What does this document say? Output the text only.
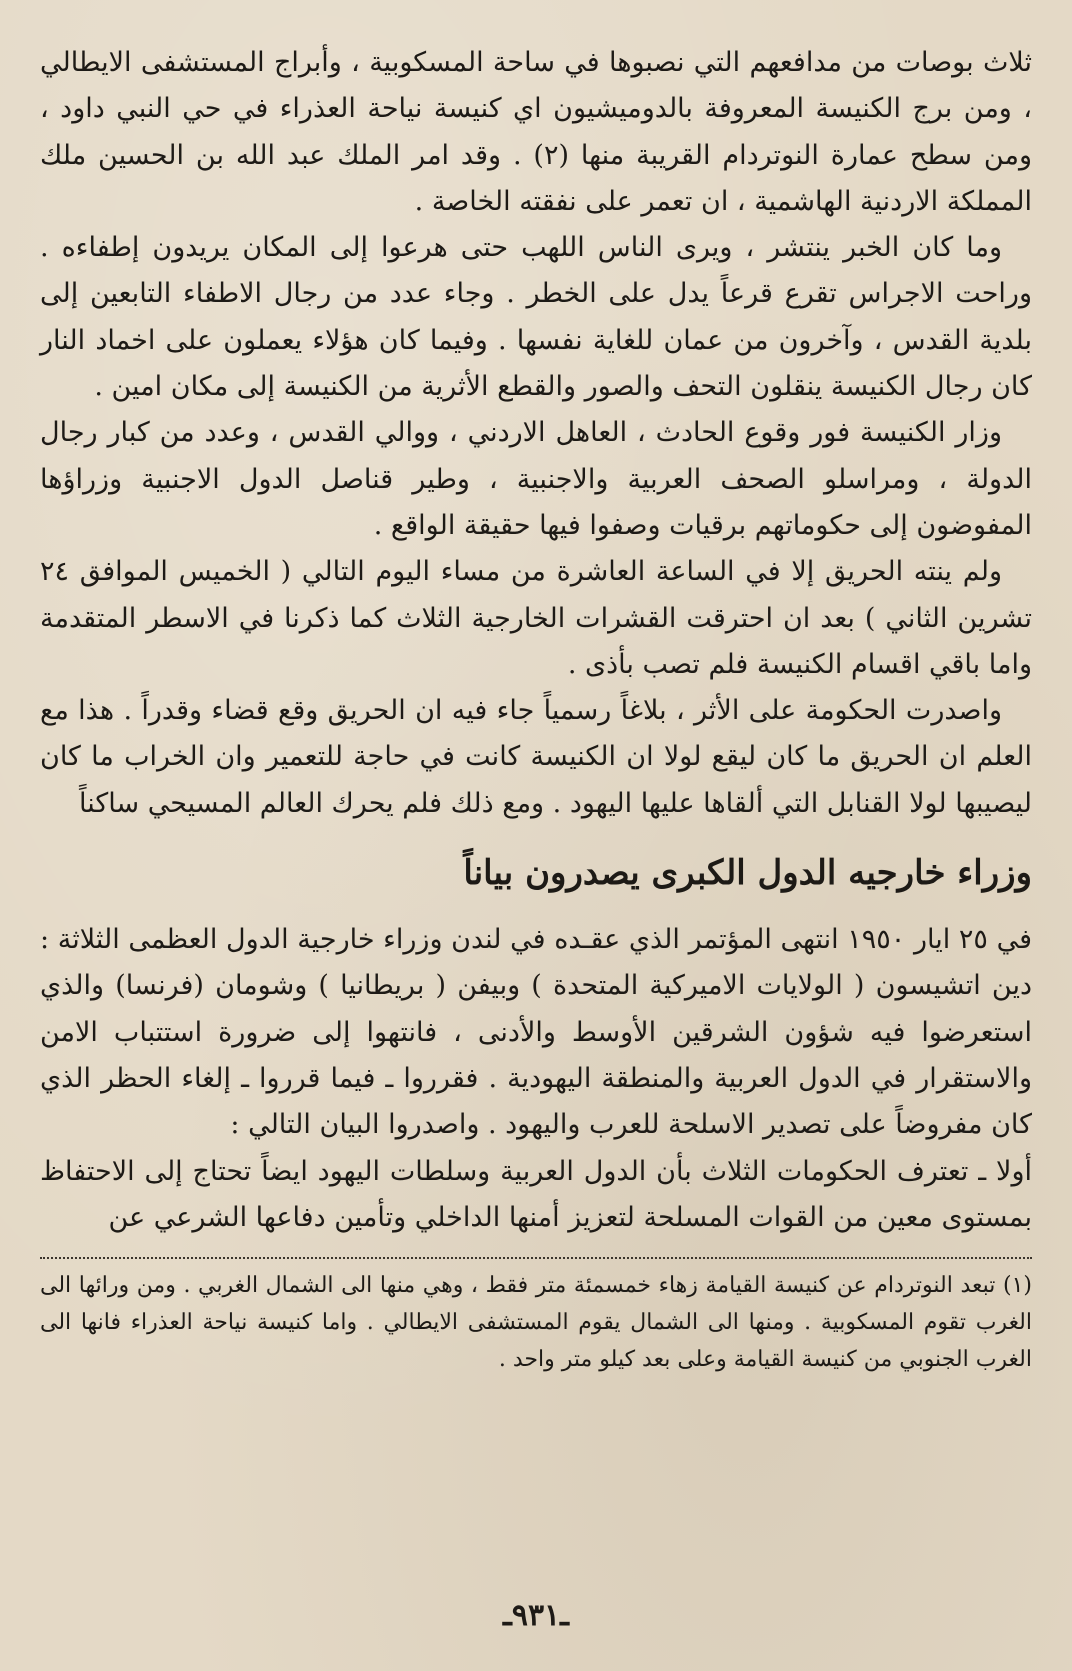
ثلاث بوصات من مدافعهم التي نصبوها في ساحة المسكوبية ، وأبراج المستشفى الايطالي ، ومن برج الكنيسة المعروفة بالدوميشيون اي كنيسة نياحة العذراء في حي النبي داود ، ومن سطح عمارة النوتردام القريبة منها (٢) . وقد امر الملك عبد الله بن الحسين ملك المملكة الاردنية الهاشمية ، ان تعمر على نفقته الخاصة .

وما كان الخبر ينتشر ، ويرى الناس اللهب حتى هرعوا إلى المكان يريدون إطفاءه . وراحت الاجراس تقرع قرعاً يدل على الخطر . وجاء عدد من رجال الاطفاء التابعين إلى بلدية القدس ، وآخرون من عمان للغاية نفسها . وفيما كان هؤلاء يعملون على اخماد النار كان رجال الكنيسة ينقلون التحف والصور والقطع الأثرية من الكنيسة إلى مكان امين .

وزار الكنيسة فور وقوع الحادث ، العاهل الاردني ، ووالي القدس ، وعدد من كبار رجال الدولة ، ومراسلو الصحف العربية والاجنبية ، وطير قناصل الدول الاجنبية وزراؤها المفوضون إلى حكوماتهم برقيات وصفوا فيها حقيقة الواقع .

ولم ينته الحريق إلا في الساعة العاشرة من مساء اليوم التالي ( الخميس الموافق ٢٤ تشرين الثاني ) بعد ان احترقت القشرات الخارجية الثلاث كما ذكرنا في الاسطر المتقدمة واما باقي اقسام الكنيسة فلم تصب بأذى .

واصدرت الحكومة على الأثر ، بلاغاً رسمياً جاء فيه ان الحريق وقع قضاء وقدراً . هذا مع العلم ان الحريق ما كان ليقع لولا ان الكنيسة كانت في حاجة للتعمير وان الخراب ما كان ليصيبها لولا القنابل التي ألقاها عليها اليهود . ومع ذلك فلم يحرك العالم المسيحي ساكناً

وزراء خارجيه الدول الكبرى يصدرون بياناً

في ٢٥ ايار ١٩٥٠ انتهى المؤتمر الذي عقـده في لندن وزراء خارجية الدول العظمى الثلاثة : دين اتشيسون ( الولايات الاميركية المتحدة ) وبيفن ( بريطانيا ) وشومان (فرنسا) والذي استعرضوا فيه شؤون الشرقين الأوسط والأدنى ، فانتهوا إلى ضرورة استتباب الامن والاستقرار في الدول العربية والمنطقة اليهودية . فقرروا ـ فيما قرروا ـ إلغاء الحظر الذي كان مفروضاً على تصدير الاسلحة للعرب واليهود . واصدروا البيان التالي :

أولا ـ تعترف الحكومات الثلاث بأن الدول العربية وسلطات اليهود ايضاً تحتاج إلى الاحتفاظ بمستوى معين من القوات المسلحة لتعزيز أمنها الداخلي وتأمين دفاعها الشرعي عن

(١) تبعد النوتردام عن كنيسة القيامة زهاء خمسمئة متر فقط ، وهي منها الى الشمال الغربي . ومن ورائها الى الغرب تقوم المسكوبية . ومنها الى الشمال يقوم المستشفى الايطالي . واما كنيسة نياحة العذراء فانها الى الغرب الجنوبي من كنيسة القيامة وعلى بعد كيلو متر واحد .

ـ٩٣١ـ
